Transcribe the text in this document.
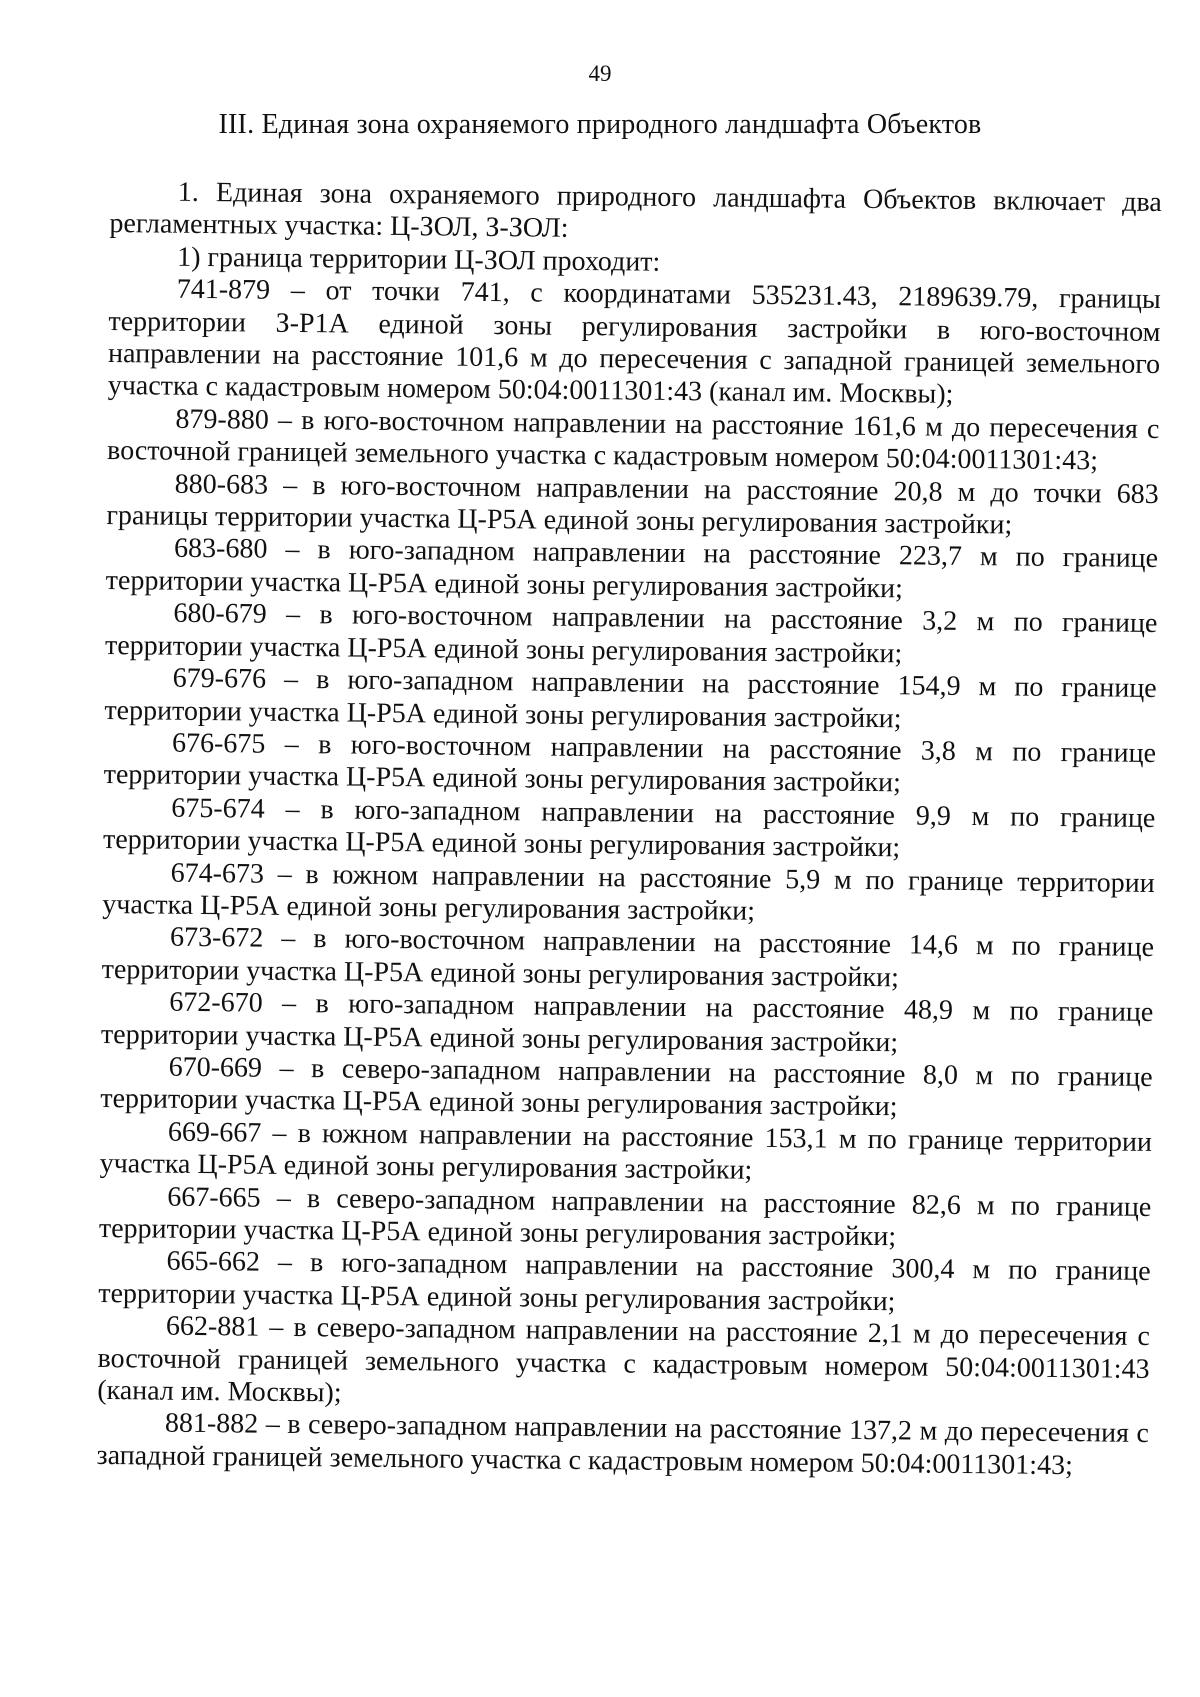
49
III. Единая зона охраняемого природного ландшафта Объектов

1. Единая зона охраняемого природного ландшафта Объектов включает два регламентных участка: Ц-ЗОЛ, З-ЗОЛ:

1) граница территории Ц-ЗОЛ проходит:

741-879 – от точки 741, с координатами 535231.43, 2189639.79, границы территории З-Р1А единой зоны регулирования застройки в юго-восточном направлении на расстояние 101,6 м до пересечения с западной границей земельного участка с кадастровым номером 50:04:0011301:43 (канал им. Москвы);

879-880 – в юго-восточном направлении на расстояние 161,6 м до пересечения с восточной границей земельного участка с кадастровым номером 50:04:0011301:43;

880-683 – в юго-восточном направлении на расстояние 20,8 м до точки 683 границы территории участка Ц-Р5А единой зоны регулирования застройки;

683-680 – в юго-западном направлении на расстояние 223,7 м по границе территории участка Ц-Р5А единой зоны регулирования застройки;

680-679 – в юго-восточном направлении на расстояние 3,2 м по границе территории участка Ц-Р5А единой зоны регулирования застройки;

679-676 – в юго-западном направлении на расстояние 154,9 м по границе территории участка Ц-Р5А единой зоны регулирования застройки;

676-675 – в юго-восточном направлении на расстояние 3,8 м по границе территории участка Ц-Р5А единой зоны регулирования застройки;

675-674 – в юго-западном направлении на расстояние 9,9 м по границе территории участка Ц-Р5А единой зоны регулирования застройки;

674-673 – в южном направлении на расстояние 5,9 м по границе территории участка Ц-Р5А единой зоны регулирования застройки;

673-672 – в юго-восточном направлении на расстояние 14,6 м по границе территории участка Ц-Р5А единой зоны регулирования застройки;

672-670 – в юго-западном направлении на расстояние 48,9 м по границе территории участка Ц-Р5А единой зоны регулирования застройки;

670-669 – в северо-западном направлении на расстояние 8,0 м по границе территории участка Ц-Р5А единой зоны регулирования застройки;

669-667 – в южном направлении на расстояние 153,1 м по границе территории участка Ц-Р5А единой зоны регулирования застройки;

667-665 – в северо-западном направлении на расстояние 82,6 м по границе территории участка Ц-Р5А единой зоны регулирования застройки;

665-662 – в юго-западном направлении на расстояние 300,4 м по границе территории участка Ц-Р5А единой зоны регулирования застройки;

662-881 – в северо-западном направлении на расстояние 2,1 м до пересечения с восточной границей земельного участка с кадастровым номером 50:04:0011301:43 (канал им. Москвы);

881-882 – в северо-западном направлении на расстояние 137,2 м до пересечения с западной границей земельного участка с кадастровым номером 50:04:0011301:43;
